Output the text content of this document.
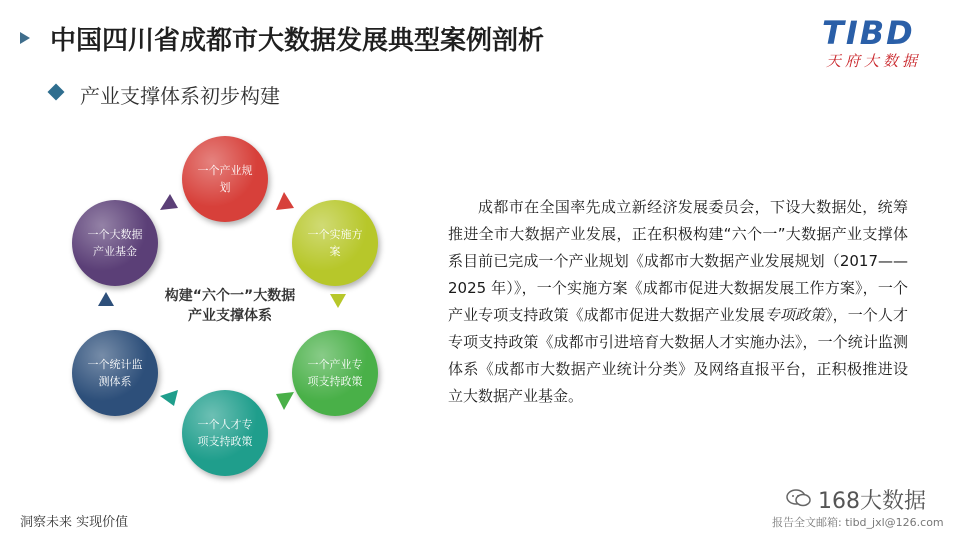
中国四川省成都市大数据发展典型案例剖析
产业支撑体系初步构建
TIBD
天府大数据
构建“六个一”大数据
产业支撑体系
一个产业规
划
一个实施方
案
一个产业专
项支持政策
一个人才专
项支持政策
一个统计监
测体系
一个大数据
产业基金
成都市在全国率先成立新经济发展委员会，下设大数据处，统筹推进全市大数据产业发展，正在积极构建“六个一”大数据产业支撑体系目前已完成一个产业规划《成都市大数据产业发展规划（2017——2025 年）》，一个实施方案《成都市促进大数据发展工作方案》，一个产业专项支持政策《成都市促进大数据产业发展专项政策》，一个人才专项支持政策《成都市引进培育大数据人才实施办法》，一个统计监测体系《成都市大数据产业统计分类》及网络直报平台，正积极推进设立大数据产业基金。
洞察未来 实现价值
168大数据
报告全文邮箱: tibd_jxl@126.com
